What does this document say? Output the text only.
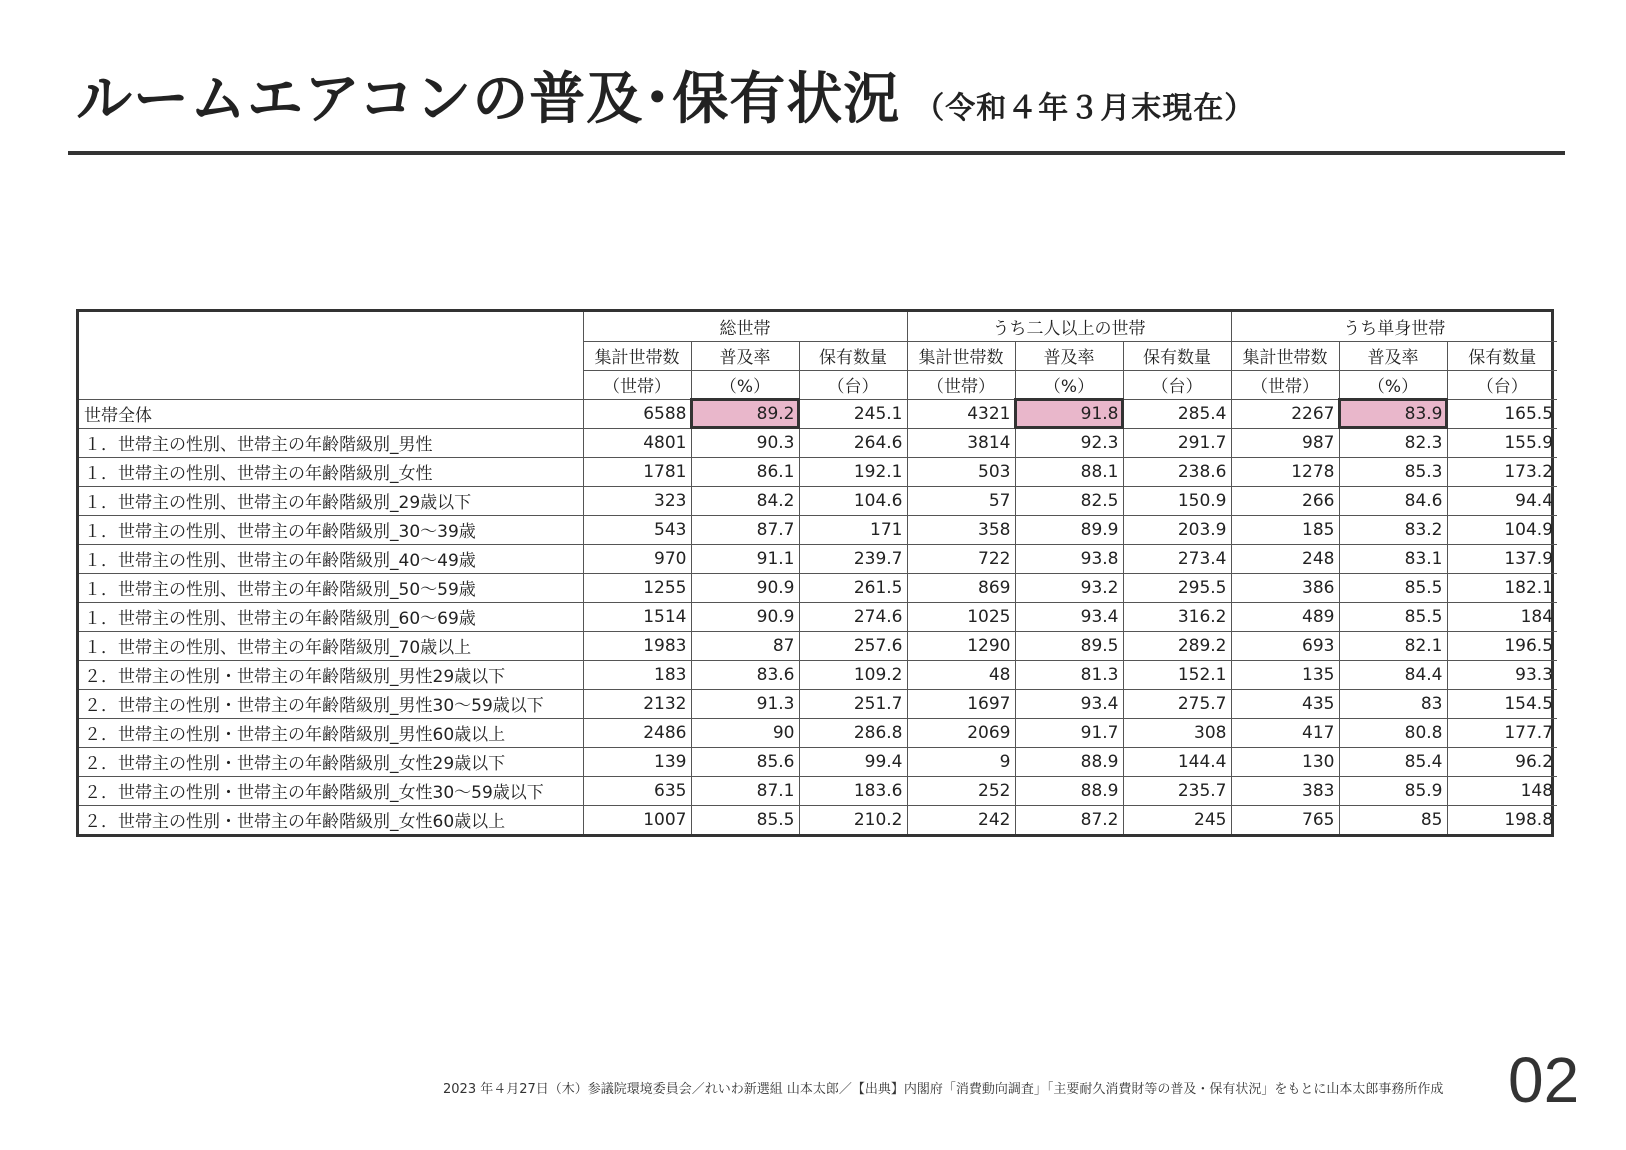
ルームエアコンの普及･保有状況 （令和４年３月末現在）
	総世帯			うち二人以上の世帯			うち単身世帯		
	集計世帯数	普及率	保有数量	集計世帯数	普及率	保有数量	集計世帯数	普及率	保有数量
	（世帯）	（%）	（台）	（世帯）	（%）	（台）	（世帯）	（%）	（台）
世帯全体	6588	89.2	245.1	4321	91.8	285.4	2267	83.9	165.5
１．世帯主の性別、世帯主の年齢階級別_男性	4801	90.3	264.6	3814	92.3	291.7	987	82.3	155.9
１．世帯主の性別、世帯主の年齢階級別_女性	1781	86.1	192.1	503	88.1	238.6	1278	85.3	173.2
１．世帯主の性別、世帯主の年齢階級別_29歳以下	323	84.2	104.6	57	82.5	150.9	266	84.6	94.4
１．世帯主の性別、世帯主の年齢階級別_30～39歳	543	87.7	171	358	89.9	203.9	185	83.2	104.9
１．世帯主の性別、世帯主の年齢階級別_40～49歳	970	91.1	239.7	722	93.8	273.4	248	83.1	137.9
１．世帯主の性別、世帯主の年齢階級別_50～59歳	1255	90.9	261.5	869	93.2	295.5	386	85.5	182.1
１．世帯主の性別、世帯主の年齢階級別_60～69歳	1514	90.9	274.6	1025	93.4	316.2	489	85.5	184
１．世帯主の性別、世帯主の年齢階級別_70歳以上	1983	87	257.6	1290	89.5	289.2	693	82.1	196.5
２．世帯主の性別・世帯主の年齢階級別_男性29歳以下	183	83.6	109.2	48	81.3	152.1	135	84.4	93.3
２．世帯主の性別・世帯主の年齢階級別_男性30～59歳以下	2132	91.3	251.7	1697	93.4	275.7	435	83	154.5
２．世帯主の性別・世帯主の年齢階級別_男性60歳以上	2486	90	286.8	2069	91.7	308	417	80.8	177.7
２．世帯主の性別・世帯主の年齢階級別_女性29歳以下	139	85.6	99.4	9	88.9	144.4	130	85.4	96.2
２．世帯主の性別・世帯主の年齢階級別_女性30～59歳以下	635	87.1	183.6	252	88.9	235.7	383	85.9	148
２．世帯主の性別・世帯主の年齢階級別_女性60歳以上	1007	85.5	210.2	242	87.2	245	765	85	198.8
2023 年４月27日（木）参議院環境委員会／れいわ新選組 山本太郎／【出典】内閣府「消費動向調査」「主要耐久消費財等の普及・保有状況」をもとに山本太郎事務所作成 02
